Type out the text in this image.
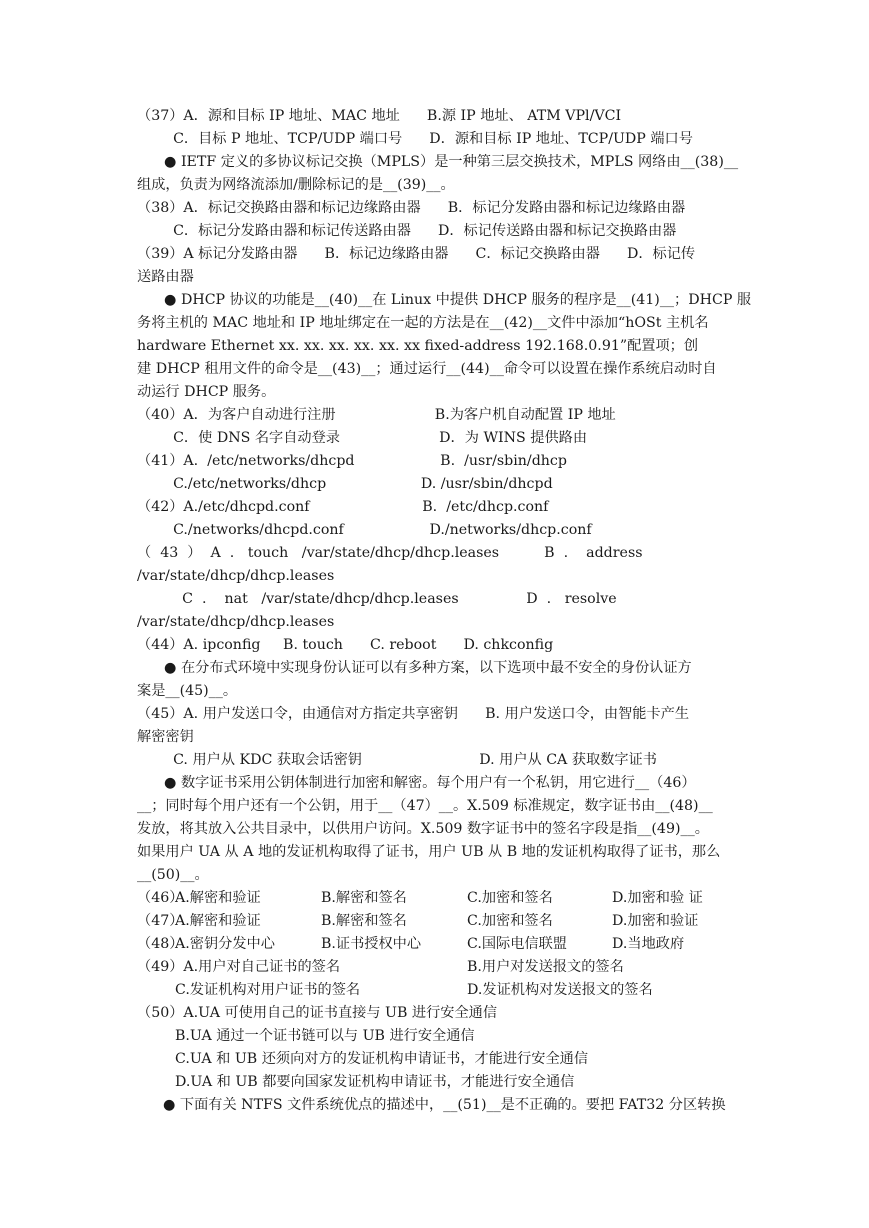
（37）A．源和目标 IP 地址、MAC 地址      B.源 IP 地址、 ATM VPl/VCI
C．目标 P 地址、TCP/UDP 端口号      D．源和目标 IP 地址、TCP/UDP 端口号
● IETF 定义的多协议标记交换（MPLS）是一种第三层交换技术，MPLS 网络由__(38)__
组成，负责为网络流添加/删除标记的是__(39)__。
（38）A．标记交换路由器和标记边缘路由器      B．标记分发路由器和标记边缘路由器
C．标记分发路由器和标记传送路由器      D．标记传送路由器和标记交换路由器
（39）A 标记分发路由器      B．标记边缘路由器      C．标记交换路由器      D．标记传
送路由器
● DHCP 协议的功能是__(40)__在 Linux 中提供 DHCP 服务的程序是__(41)__；DHCP 服
务将主机的 MAC 地址和 IP 地址绑定在一起的方法是在__(42)__文件中添加“hOSt 主机名
hardware Ethernet xx. xx. xx. xx. xx. xx fixed-address 192.168.0.91”配置项；创
建 DHCP 租用文件的命令是__(43)__；通过运行__(44)__命令可以设置在操作系统启动时自
动运行 DHCP 服务。
（40）A．为客户自动进行注册                      B.为客户机自动配置 IP 地址
C．使 DNS 名字自动登录                      D．为 WINS 提供路由
（41）A.  /etc/networks/dhcpd                   B.  /usr/sbin/dhcp
C./etc/networks/dhcp                     D. /usr/sbin/dhcpd
（42）A./etc/dhcpd.conf                         B.  /etc/dhcp.conf
C./networks/dhcpd.conf                   D./networks/dhcp.conf
（  43  ）  A  .   touch   /var/state/dhcp/dhcp.leases          B  .    address
/var/state/dhcp/dhcp.leases
C  .    nat   /var/state/dhcp/dhcp.leases               D  .   resolve
/var/state/dhcp/dhcp.leases
（44）A. ipconfig     B. touch      C. reboot      D. chkconfig
● 在分布式环境中实现身份认证可以有多种方案，以下选项中最不安全的身份认证方
案是__(45)__。
（45）A. 用户发送口令，由通信对方指定共享密钥      B. 用户发送口令，由智能卡产生
解密密钥
C. 用户从 KDC 获取会话密钥                          D. 用户从 CA 获取数字证书
● 数字证书采用公钥体制进行加密和解密。每个用户有一个私钥，用它进行__（46）
__；同时每个用户还有一个公钥，用于__（47）__。X.509 标准规定，数字证书由__(48)__
发放，将其放入公共目录中，以供用户访问。X.509 数字证书中的签名字段是指__(49)__。
如果用户 UA 从 A 地的发证机构取得了证书，用户 UB 从 B 地的发证机构取得了证书，那么
__(50)__。
（46）
A.解密和验证	B.解密和签名	C.加密和签名	D.加密和验 证
（47）
A.解密和验证	B.解密和签名	C.加密和签名	D.加密和验证
（48）
A.密钥分发中心	B.证书授权中心	C.国际电信联盟	D.当地政府
（49）A.用户对自己证书的签名	B.用户对发送报文的签名
C.发证机构对用户证书的签名	D.发证机构对发送报文的签名
（50）A.UA 可使用自己的证书直接与 UB 进行安全通信
B.UA 通过一个证书链可以与 UB 进行安全通信
C.UA 和 UB 还须向对方的发证机构申请证书，才能进行安全通信
D.UA 和 UB 都要向国家发证机构申请证书，才能进行安全通信
● 下面有关 NTFS 文件系统优点的描述中，__(51)__是不正确的。要把 FAT32 分区转换
